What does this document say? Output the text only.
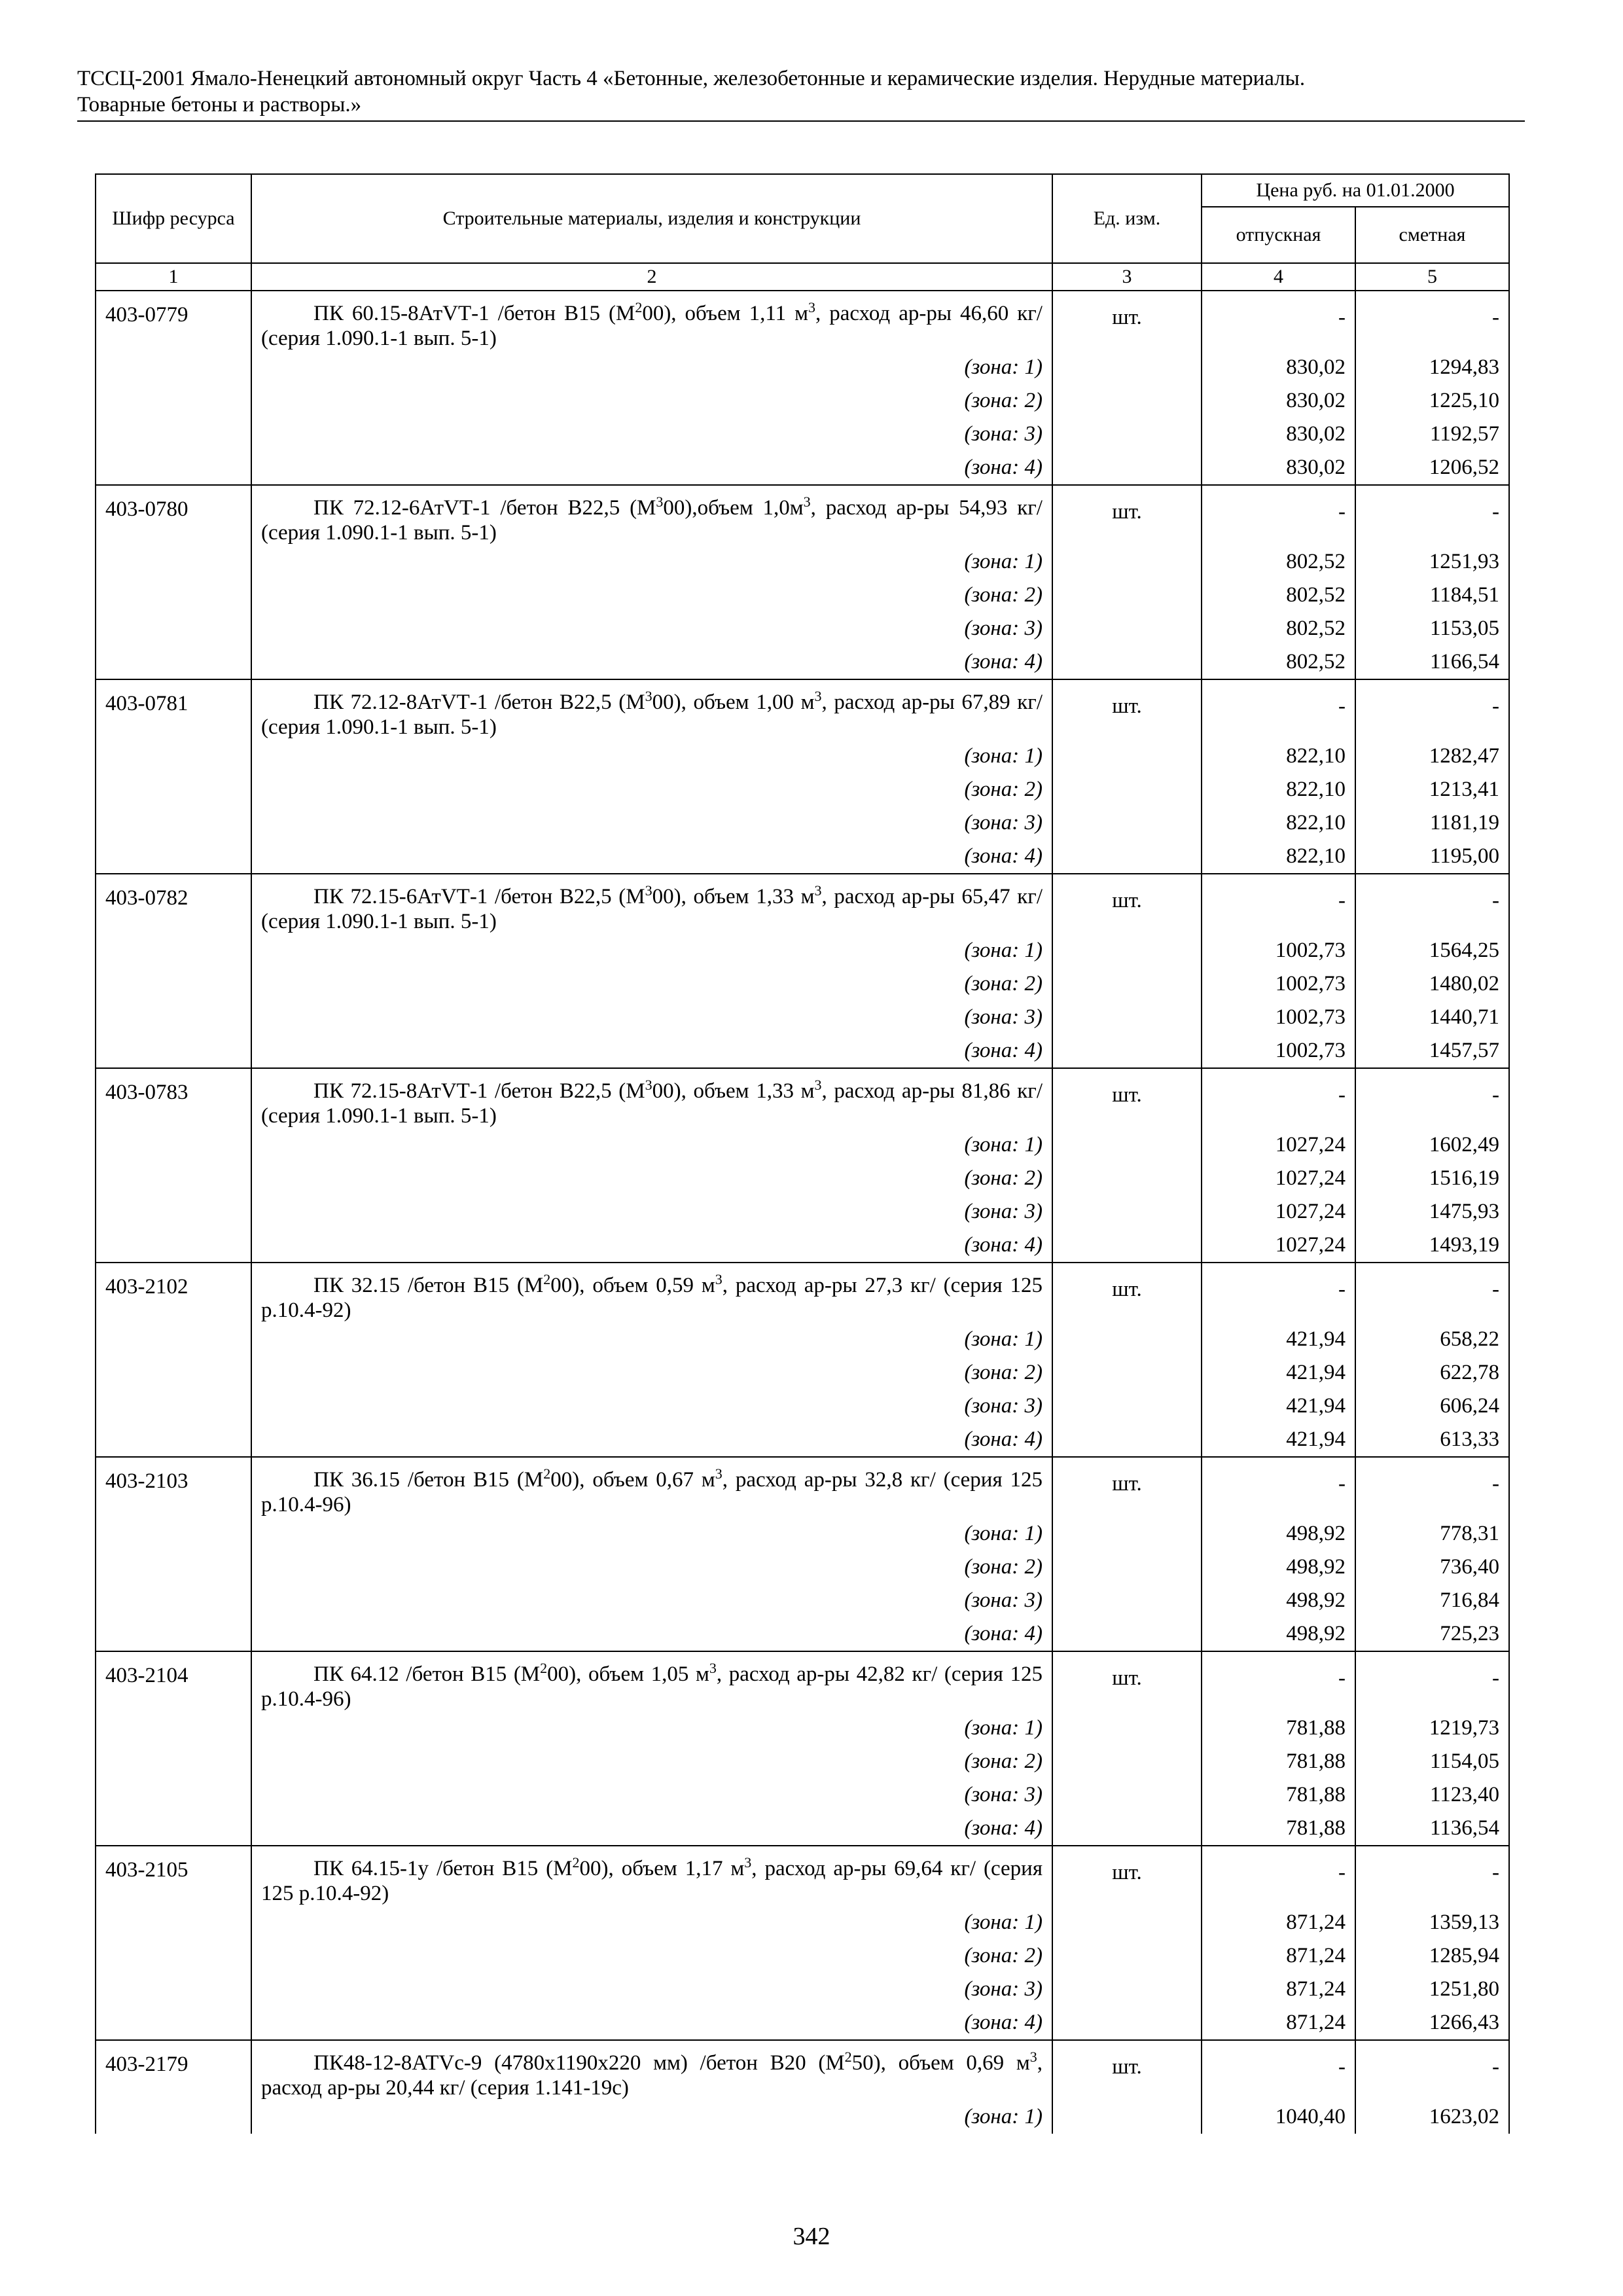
ТССЦ-2001 Ямало-Ненецкий автономный округ Часть 4 «Бетонные, железобетонные и керамические изделия. Нерудные материалы.
Товарные бетоны и растворы.»
Шифр ресурса	Строительные материалы, изделия и конструкции	Ед. изм.	Цена руб. на 01.01.2000	
			отпускная	сметная
1	2	3	4	5
403-0779	ПК 60.15-8АтVТ-1 /бетон В15 $(М^200)$, объем 1,11 $м^3$, расход ар-ры 46,60 кг/ (серия 1.090.1-1 вып. 5-1)	шт.	-	-
	(зона: 1)		830,02	1294,83
	(зона: 2)		830,02	1225,10
	(зона: 3)		830,02	1192,57
	(зона: 4)		830,02	1206,52
403-0780	ПК 72.12-6АтVТ-1 /бетон В22,5 $(М^300),объем$ $1,0м^3$, расход ар-ры 54,93 кг/ (серия 1.090.1-1 вып. 5-1)	шт.	-	-
	(зона: 1)		802,52	1251,93
	(зона: 2)		802,52	1184,51
	(зона: 3)		802,52	1153,05
	(зона: 4)		802,52	1166,54
403-0781	ПК 72.12-8АтVТ-1 /бетон В22,5 $(М^300)$, объем 1,00 $м^3$, расход ар-ры 67,89 кг/ (серия 1.090.1-1 вып. 5-1)	шт.	-	-
	(зона: 1)		822,10	1282,47
	(зона: 2)		822,10	1213,41
	(зона: 3)		822,10	1181,19
	(зона: 4)		822,10	1195,00
403-0782	ПК 72.15-6АтVТ-1 /бетон В22,5 $(М^300)$, объем 1,33 $м^3$, расход ар-ры 65,47 кг/ (серия 1.090.1-1 вып. 5-1)	шт.	-	-
	(зона: 1)		1002,73	1564,25
	(зона: 2)		1002,73	1480,02
	(зона: 3)		1002,73	1440,71
	(зона: 4)		1002,73	1457,57
403-0783	ПК 72.15-8АтVТ-1 /бетон В22,5 $(М^300)$, объем 1,33 $м^3$, расход ар-ры 81,86 кг/ (серия 1.090.1-1 вып. 5-1)	шт.	-	-
	(зона: 1)		1027,24	1602,49
	(зона: 2)		1027,24	1516,19
	(зона: 3)		1027,24	1475,93
	(зона: 4)		1027,24	1493,19
403-2102	ПК 32.15 /бетон В15 $(М^200)$, объем 0,59 $м^3$, расход ар-ры 27,3 кг/ (серия 125 р.10.4-92)	шт.	-	-
	(зона: 1)		421,94	658,22
	(зона: 2)		421,94	622,78
	(зона: 3)		421,94	606,24
	(зона: 4)		421,94	613,33
403-2103	ПК 36.15 /бетон В15 $(М^200)$, объем 0,67 $м^3$, расход ар-ры 32,8 кг/ (серия 125 р.10.4-96)	шт.	-	-
	(зона: 1)		498,92	778,31
	(зона: 2)		498,92	736,40
	(зона: 3)		498,92	716,84
	(зона: 4)		498,92	725,23
403-2104	ПК 64.12 /бетон В15 $(М^200)$, объем 1,05 $м^3$, расход ар-ры 42,82 кг/ (серия 125 р.10.4-96)	шт.	-	-
	(зона: 1)		781,88	1219,73
	(зона: 2)		781,88	1154,05
	(зона: 3)		781,88	1123,40
	(зона: 4)		781,88	1136,54
403-2105	ПК 64.15-1у /бетон В15 $(М^200)$, объем 1,17 $м^3$, расход ар-ры 69,64 кг/ (серия 125 р.10.4-92)	шт.	-	-
	(зона: 1)		871,24	1359,13
	(зона: 2)		871,24	1285,94
	(зона: 3)		871,24	1251,80
	(зона: 4)		871,24	1266,43
403-2179	ПК48-12-8АТVс-9 (4780х1190х220 мм) /бетон В20 $(М^250)$, объем 0,69 $м^3$, расход ар-ры 20,44 кг/ (серия 1.141-19с)	шт.	-	-
	(зона: 1)		1040,40	1623,02
342
